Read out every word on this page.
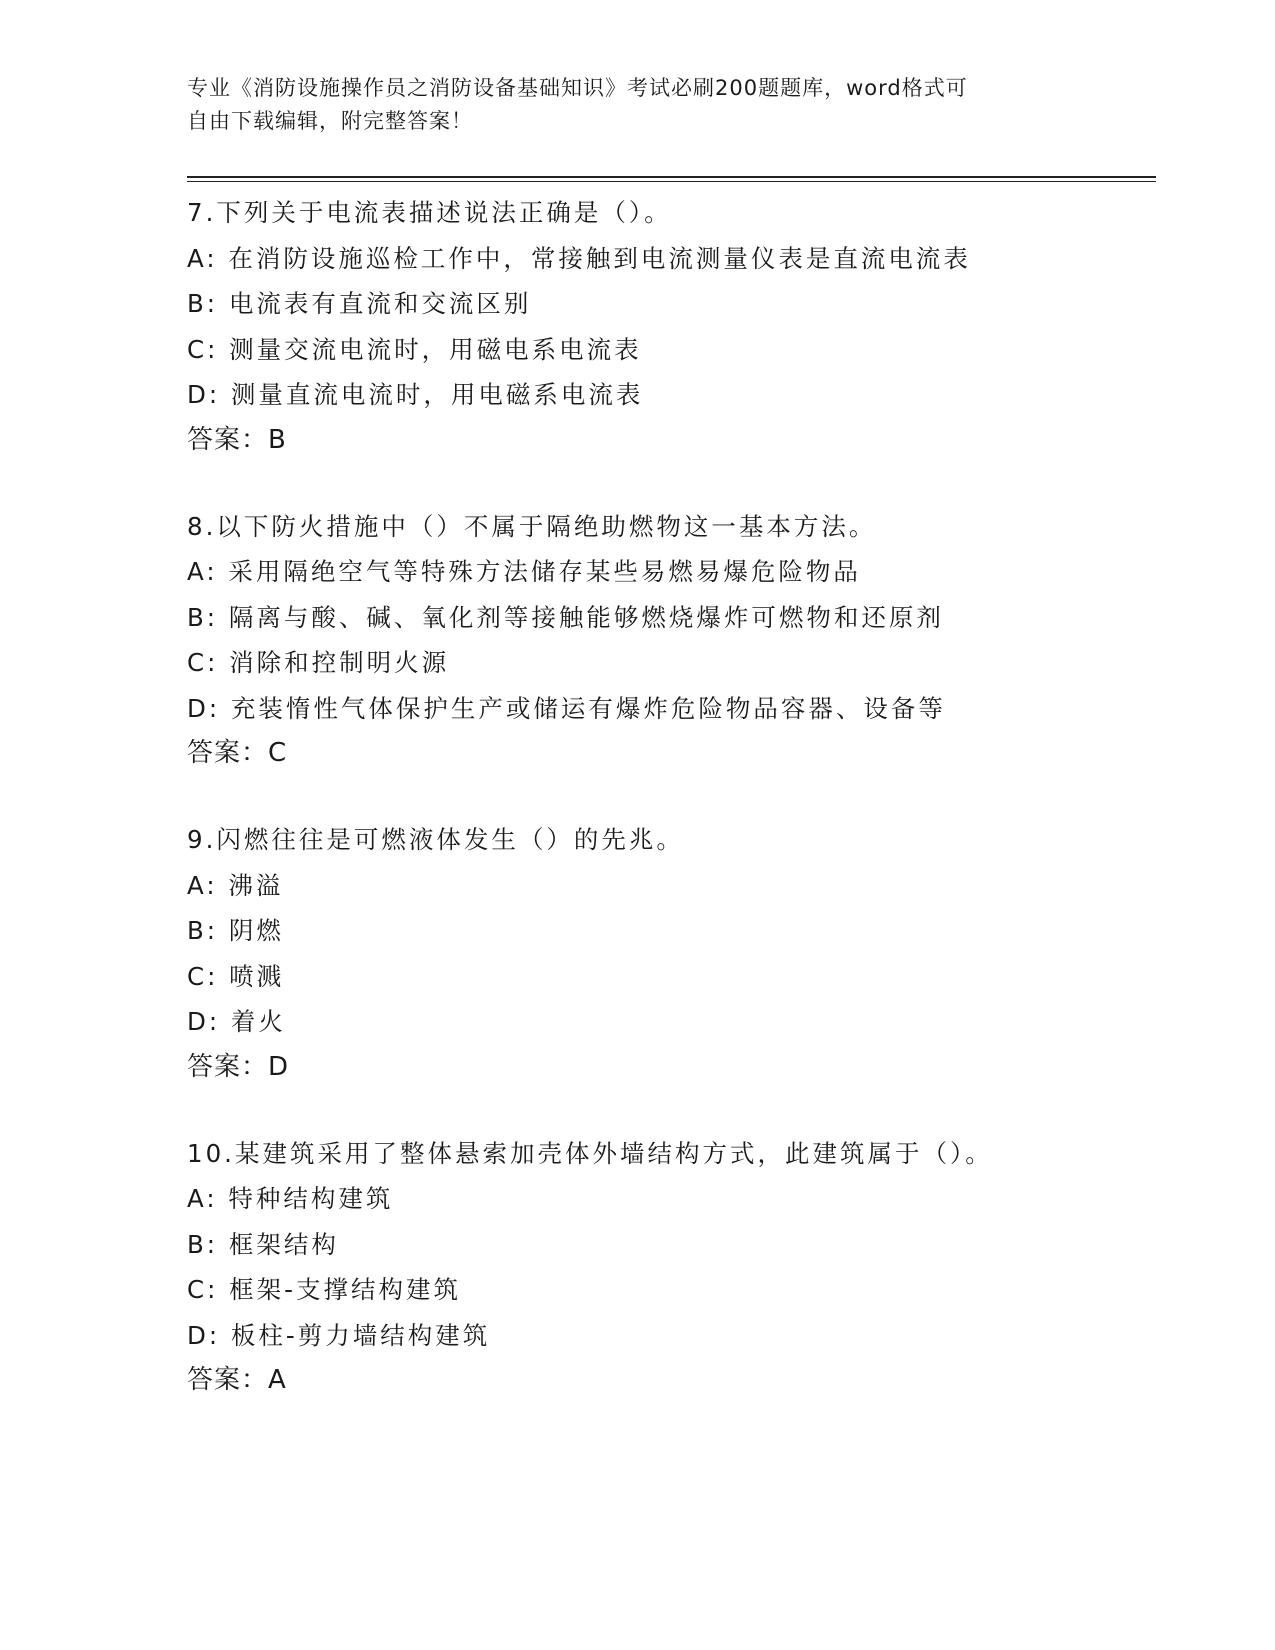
专业《消防设施操作员之消防设备基础知识》考试必刷200题题库，word格式可
自由下载编辑，附完整答案！
7.下列关于电流表描述说法正确是（）。
A: 在消防设施巡检工作中，常接触到电流测量仪表是直流电流表
B: 电流表有直流和交流区别
C: 测量交流电流时，用磁电系电流表
D: 测量直流电流时，用电磁系电流表
答案：B
8.以下防火措施中（）不属于隔绝助燃物这一基本方法。
A: 采用隔绝空气等特殊方法储存某些易燃易爆危险物品
B: 隔离与酸、碱、氧化剂等接触能够燃烧爆炸可燃物和还原剂
C: 消除和控制明火源
D: 充装惰性气体保护生产或储运有爆炸危险物品容器、设备等
答案：C
9.闪燃往往是可燃液体发生（）的先兆。
A: 沸溢
B: 阴燃
C: 喷溅
D: 着火
答案：D
10.某建筑采用了整体悬索加壳体外墙结构方式，此建筑属于（）。
A: 特种结构建筑
B: 框架结构
C: 框架-支撑结构建筑
D: 板柱-剪力墙结构建筑
答案：A
